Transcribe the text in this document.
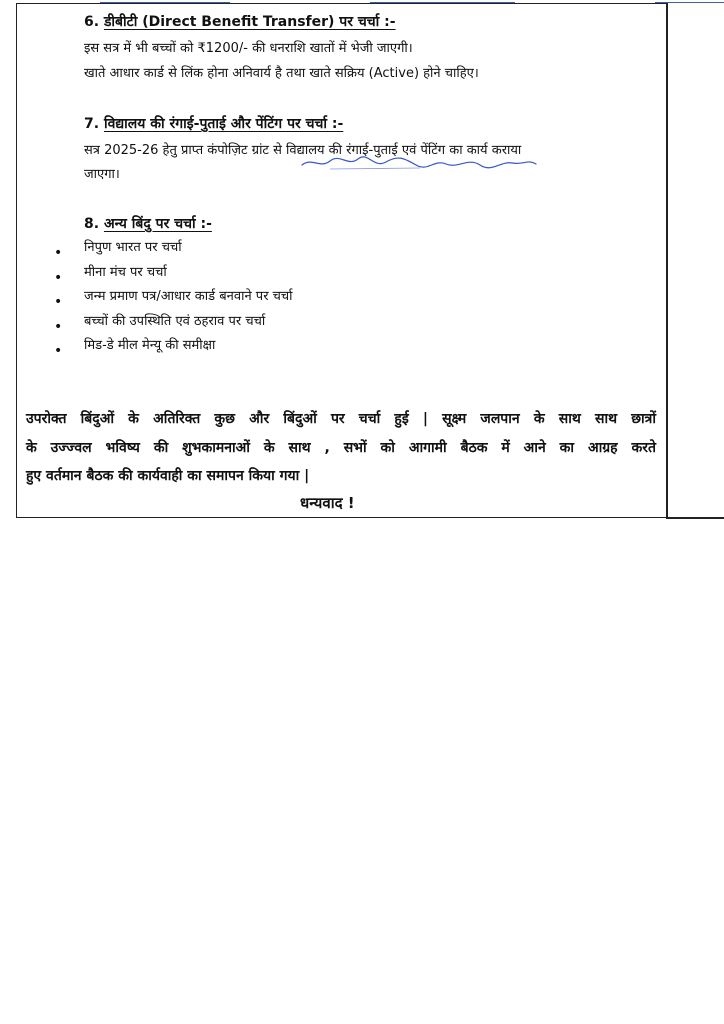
6. डीबीटी (Direct Benefit Transfer) पर चर्चा :-
इस सत्र में भी बच्चों को ₹1200/- की धनराशि खातों में भेजी जाएगी।
खाते आधार कार्ड से लिंक होना अनिवार्य है तथा खाते सक्रिय (Active) होने चाहिए।
7. विद्यालय की रंगाई-पुताई और पेंटिंग पर चर्चा :-
सत्र 2025-26 हेतु प्राप्त कंपोज़िट ग्रांट से विद्यालय की रंगाई-पुताई एवं पेंटिंग का कार्य कराया
जाएगा।
8. अन्य बिंदु पर चर्चा :-
• निपुण भारत पर चर्चा
• मीना मंच पर चर्चा
• जन्म प्रमाण पत्र/आधार कार्ड बनवाने पर चर्चा
• बच्चों की उपस्थिति एवं ठहराव पर चर्चा
• मिड-डे मील मेन्यू की समीक्षा
उपरोक्त बिंदुओं के अतिरिक्त कुछ और बिंदुओं पर चर्चा हुई | सूक्ष्म जलपान के साथ साथ छात्रों
के उज्ज्वल भविष्य की शुभकामनाओं के साथ , सभों को आगामी बैठक में आने का आग्रह करते
हुए वर्तमान बैठक की कार्यवाही का समापन किया गया |
धन्यवाद !
